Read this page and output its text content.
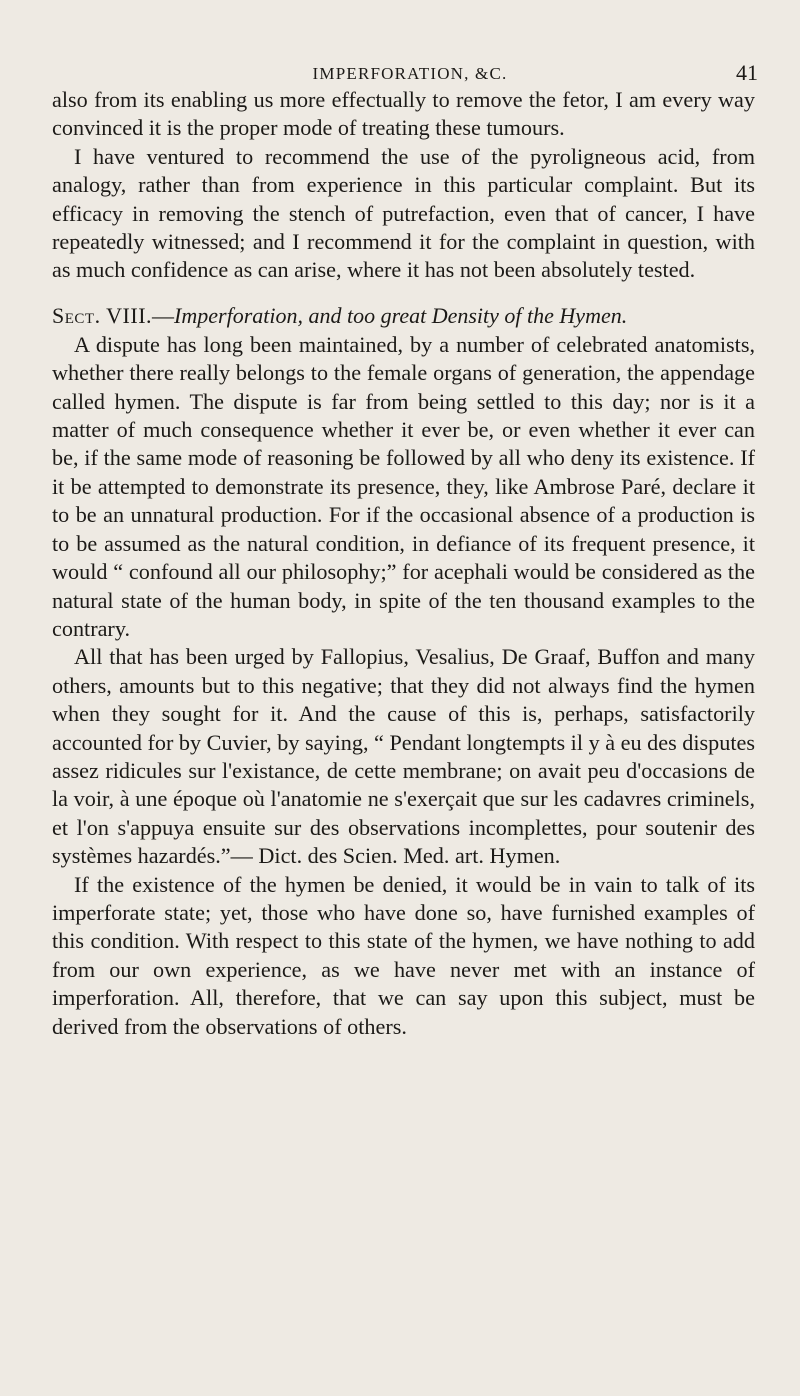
IMPERFORATION, &C.	41

also from its enabling us more effectually to remove the fetor, I am every way convinced it is the proper mode of treating these tumours.

I have ventured to recommend the use of the pyroligneous acid, from analogy, rather than from experience in this particular complaint. But its efficacy in removing the stench of putrefaction, even that of cancer, I have repeatedly witnessed; and I recommend it for the complaint in question, with as much confidence as can arise, where it has not been absolutely tested.

Sect. VIII.—Imperforation, and too great Density of the Hymen.

A dispute has long been maintained, by a number of celebrated anatomists, whether there really belongs to the female organs of generation, the appendage called hymen. The dispute is far from being settled to this day; nor is it a matter of much consequence whether it ever be, or even whether it ever can be, if the same mode of reasoning be followed by all who deny its existence. If it be attempted to demonstrate its presence, they, like Ambrose Paré, declare it to be an unnatural production. For if the occasional absence of a production is to be assumed as the natural condition, in defiance of its frequent presence, it would “ confound all our philosophy;” for acephali would be considered as the natural state of the human body, in spite of the ten thousand examples to the contrary.

All that has been urged by Fallopius, Vesalius, De Graaf, Buffon and many others, amounts but to this negative; that they did not always find the hymen when they sought for it. And the cause of this is, perhaps, satisfactorily accounted for by Cuvier, by saying, “ Pendant longtempts il y à eu des disputes assez ridicules sur l'existance, de cette membrane; on avait peu d'occasions de la voir, à une époque où l'anatomie ne s'exerçait que sur les cadavres criminels, et l'on s'appuya ensuite sur des observations incomplettes, pour soutenir des systèmes hazardés.”— Dict. des Scien. Med. art. Hymen.

If the existence of the hymen be denied, it would be in vain to talk of its imperforate state; yet, those who have done so, have furnished examples of this condition. With respect to this state of the hymen, we have nothing to add from our own experience, as we have never met with an instance of imperforation. All, therefore, that we can say upon this subject, must be derived from the observations of others.
